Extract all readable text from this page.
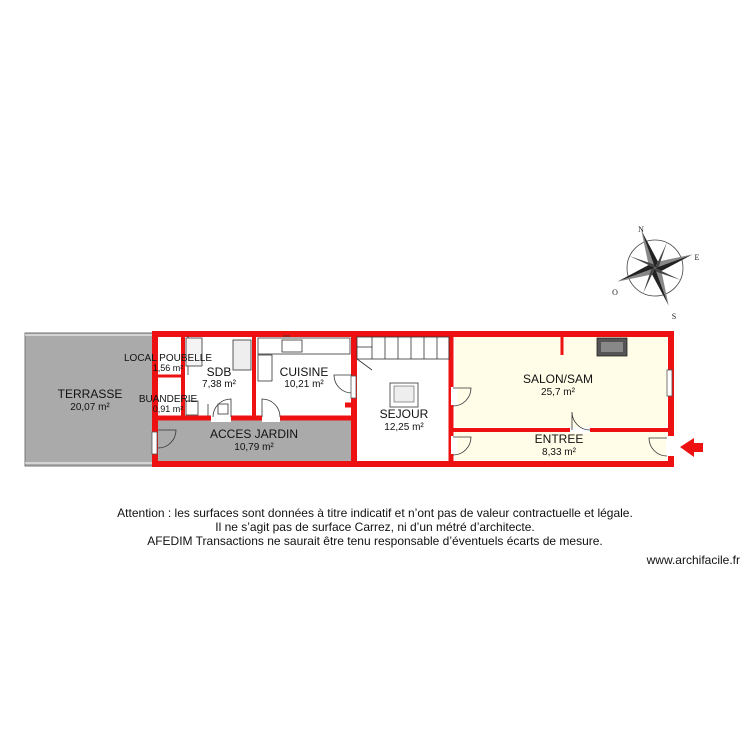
TERRASSE
20,07 m²
LOCAL POUBELLE
1,56 m²
BUANDERIE
0,91 m²
SDB
7,38 m²
CUISINE
10,21 m²
ACCES JARDIN
10,79 m²
SEJOUR
12,25 m²
SALON/SAM
25,7 m²
ENTREE
8,33 m²
N
E
S
O
Attention : les surfaces sont données à titre indicatif et n’ont pas de valeur contractuelle et légale.
Il ne s’agit pas de surface Carrez, ni d’un métré d’architecte.
AFEDIM Transactions ne saurait être tenu responsable d’éventuels écarts de mesure.
www.archifacile.fr
